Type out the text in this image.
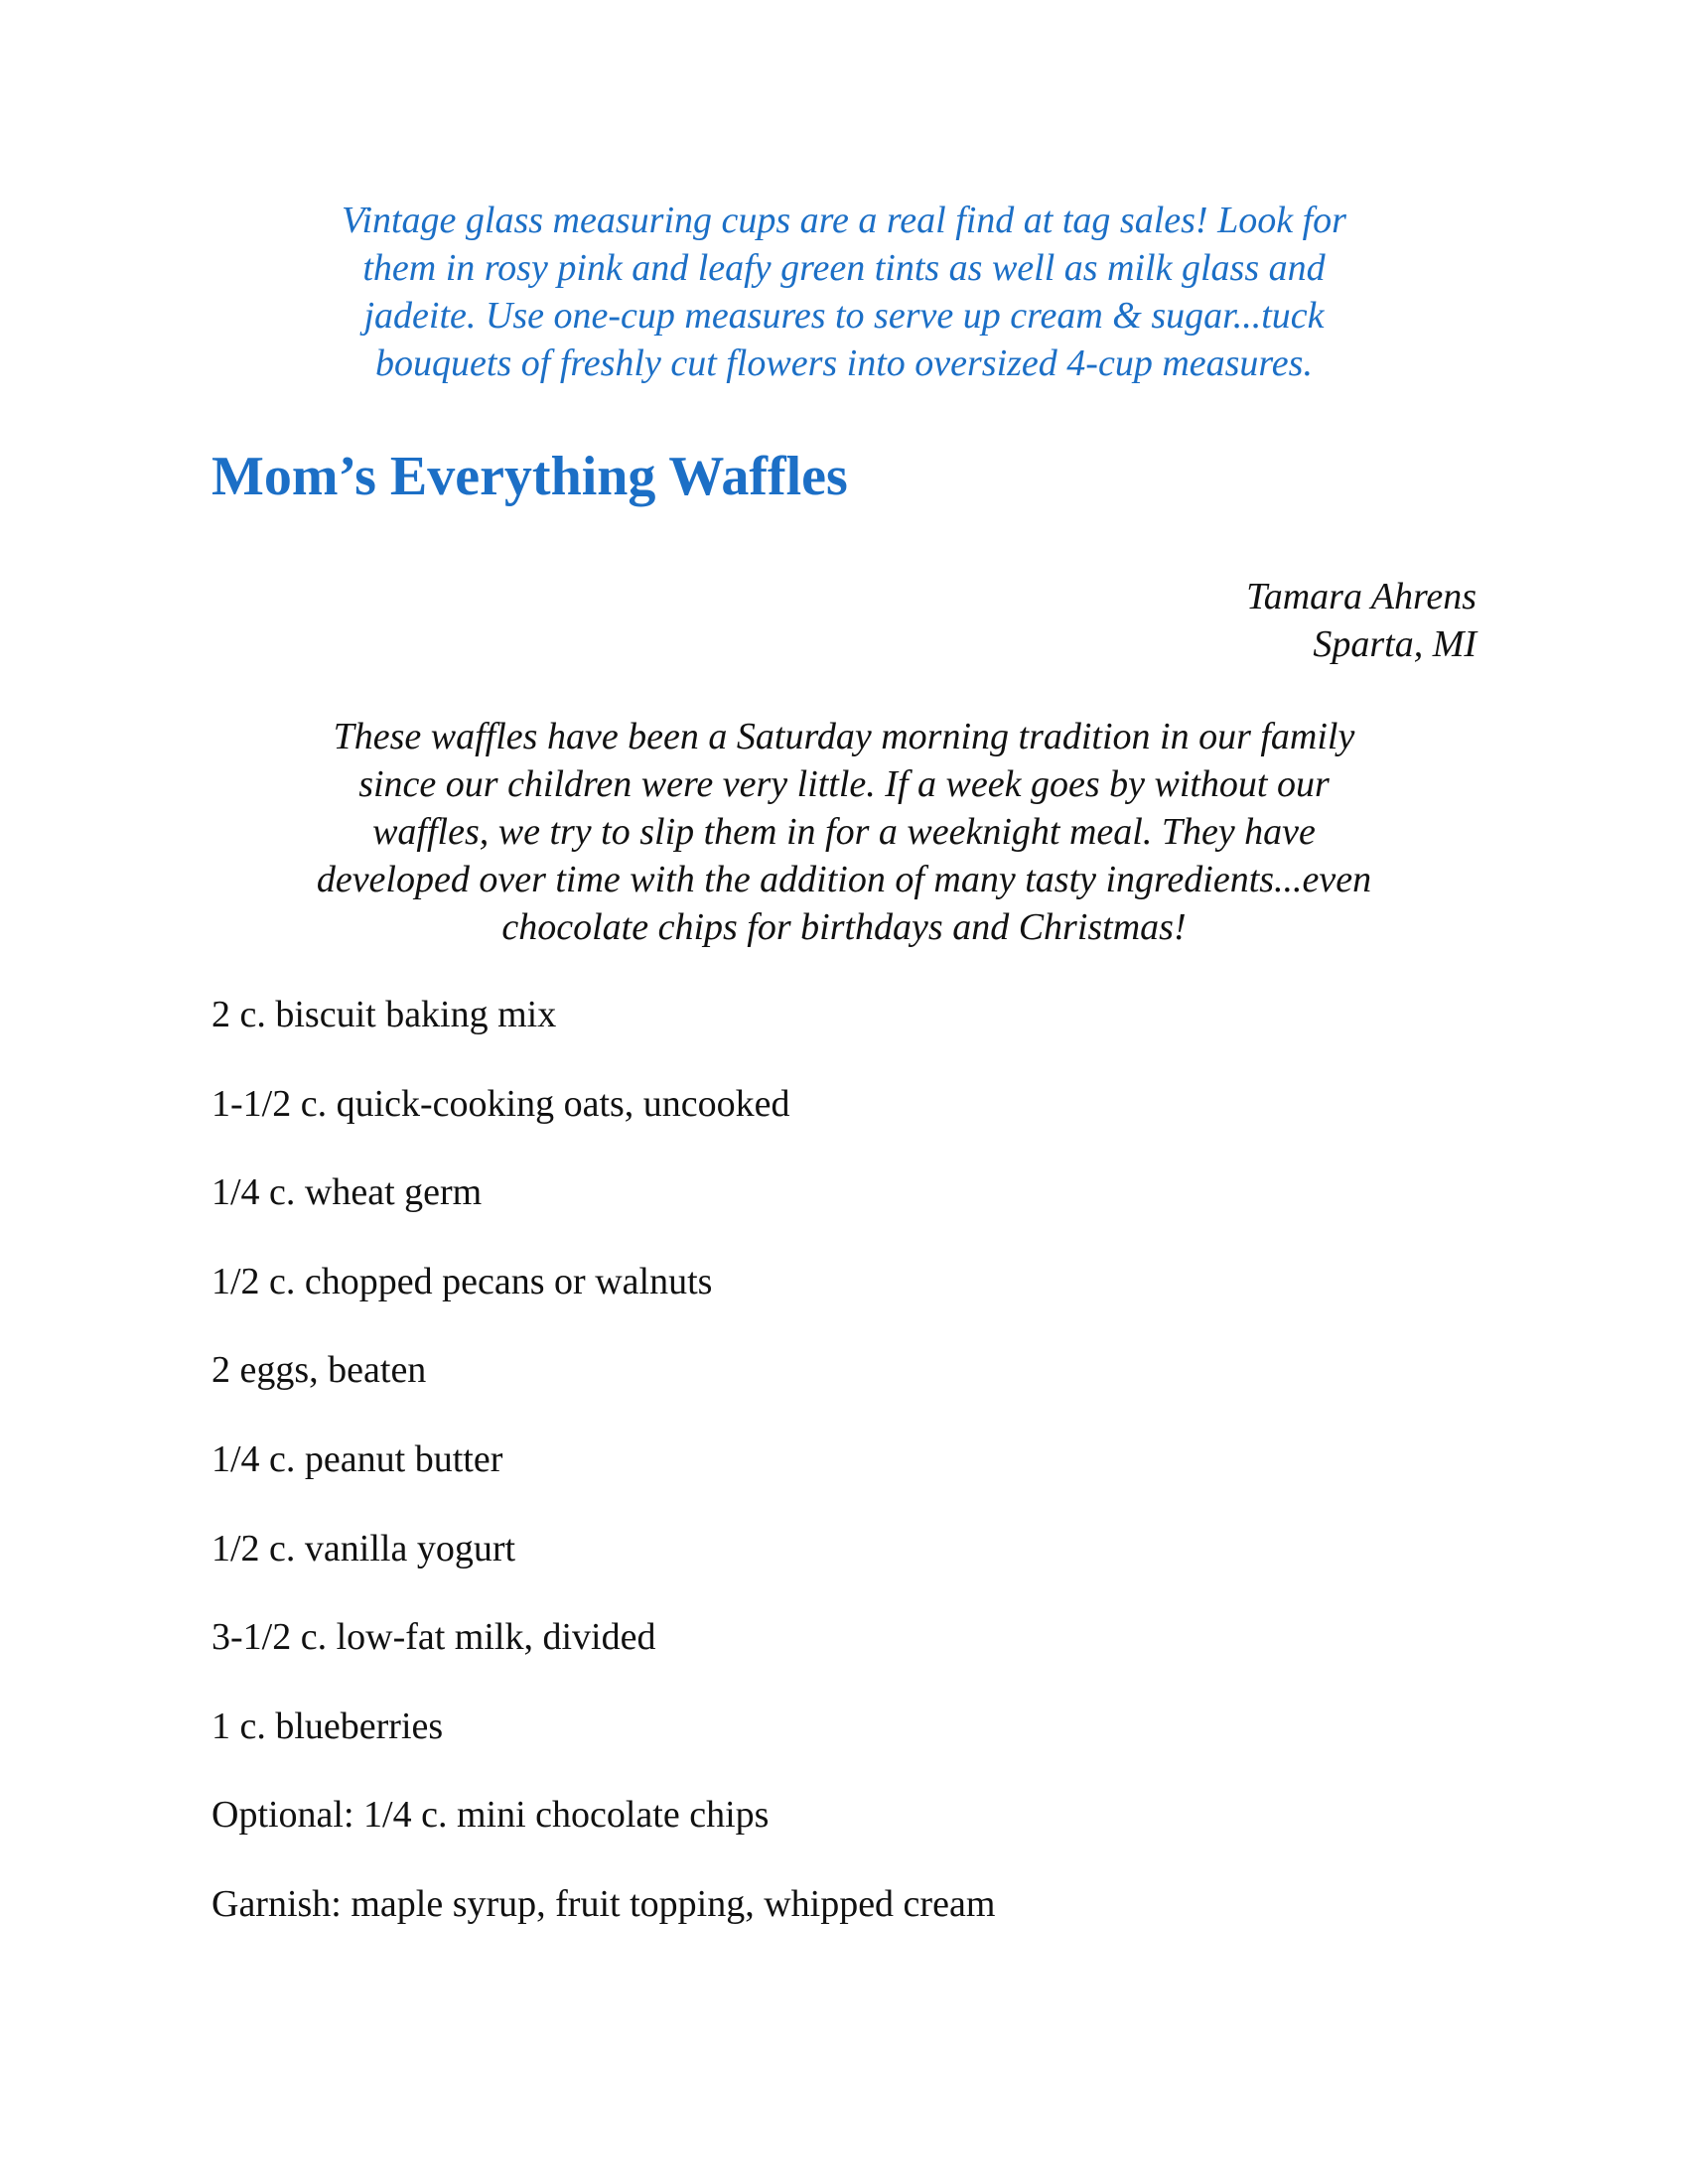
Vintage glass measuring cups are a real find at tag sales! Look for
them in rosy pink and leafy green tints as well as milk glass and
jadeite. Use one-cup measures to serve up cream & sugar...tuck
bouquets of freshly cut flowers into oversized 4-cup measures.
Mom’s Everything Waffles
Tamara Ahrens
Sparta, MI
These waffles have been a Saturday morning tradition in our family
since our children were very little. If a week goes by without our
waffles, we try to slip them in for a weeknight meal. They have
developed over time with the addition of many tasty ingredients...even
chocolate chips for birthdays and Christmas!
2 c. biscuit baking mix
1-1/2 c. quick-cooking oats, uncooked
1/4 c. wheat germ
1/2 c. chopped pecans or walnuts
2 eggs, beaten
1/4 c. peanut butter
1/2 c. vanilla yogurt
3-1/2 c. low-fat milk, divided
1 c. blueberries
Optional: 1/4 c. mini chocolate chips
Garnish: maple syrup, fruit topping, whipped cream
